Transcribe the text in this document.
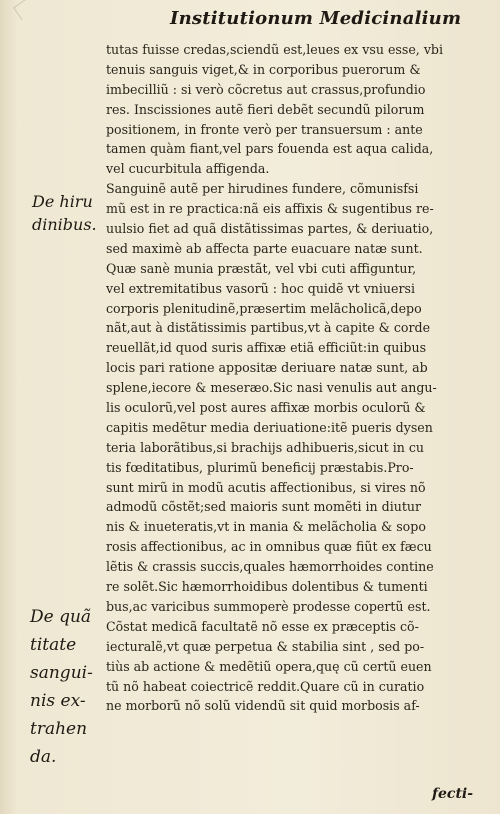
Institutionum Medicinalium
De hiru
dinibus.
De quã
titate
sangui-
nis ex-
trahen
da.
tutas fuisse credas,sciendũ est,leues ex vsu esse, vbi
tenuis sanguis viget,& in corporibus puerorum &
imbecilliũ : si verò cõcretus aut crassus,profundio
res. Inscissiones autẽ fieri debẽt secundũ pilorum
positionem, in fronte verò per transuersum : ante
tamen quàm fiant,vel pars fouenda est aqua calida,
vel cucurbitula affigenda.
Sanguinẽ autẽ per hirudines fundere, cõmunisfsi
mũ est in re practica:nã eis affixis & sugentibus re-
uulsio fiet ad quã distãtissimas partes, & deriuatio,
sed maximè ab affecta parte euacuare natæ sunt.
Quæ sanè munia præstãt, vel vbi cuti affiguntur,
vel extremitatibus vasorũ : hoc quidẽ vt vniuersi
corporis plenitudinẽ,præsertim melãcholicã,depo
nãt,aut à distãtissimis partibus,vt à capite & corde
reuellãt,id quod suris affixæ etiã efficiũt:in quibus
locis pari ratione appositæ deriuare natæ sunt, ab
splene,iecore & meseræo.Sic nasi venulis aut angu-
lis oculorũ,vel post aures affixæ morbis oculorũ &
capitis medẽtur media deriuatione:itẽ pueris dysen
teria laborãtibus,si brachijs adhibueris,sicut in cu
tis fœditatibus, plurimũ beneficij præstabis.Pro-
sunt mirũ in modũ acutis affectionibus, si vires nõ
admodũ cõstẽt;sed maioris sunt momẽti in diutur
nis & inueteratis,vt in mania & melãcholia & sopo
rosis affectionibus, ac in omnibus quæ fiũt ex fæcu
lẽtis & crassis succis,quales hæmorrhoides contine
re solẽt.Sic hæmorrhoidibus dolentibus & tumenti
bus,ac varicibus summoperè prodesse copertũ est.
Cõstat medicã facultatẽ nõ esse ex præceptis cõ-
iecturalẽ,vt quæ perpetua & stabilia sint , sed po-
tiùs ab actione & medẽtiũ opera,quę cũ certũ euen
tũ nõ habeat coiectricẽ reddit.Quare cũ in curatio
ne morborũ nõ solũ videndũ sit quid morbosis af-
fecti-
